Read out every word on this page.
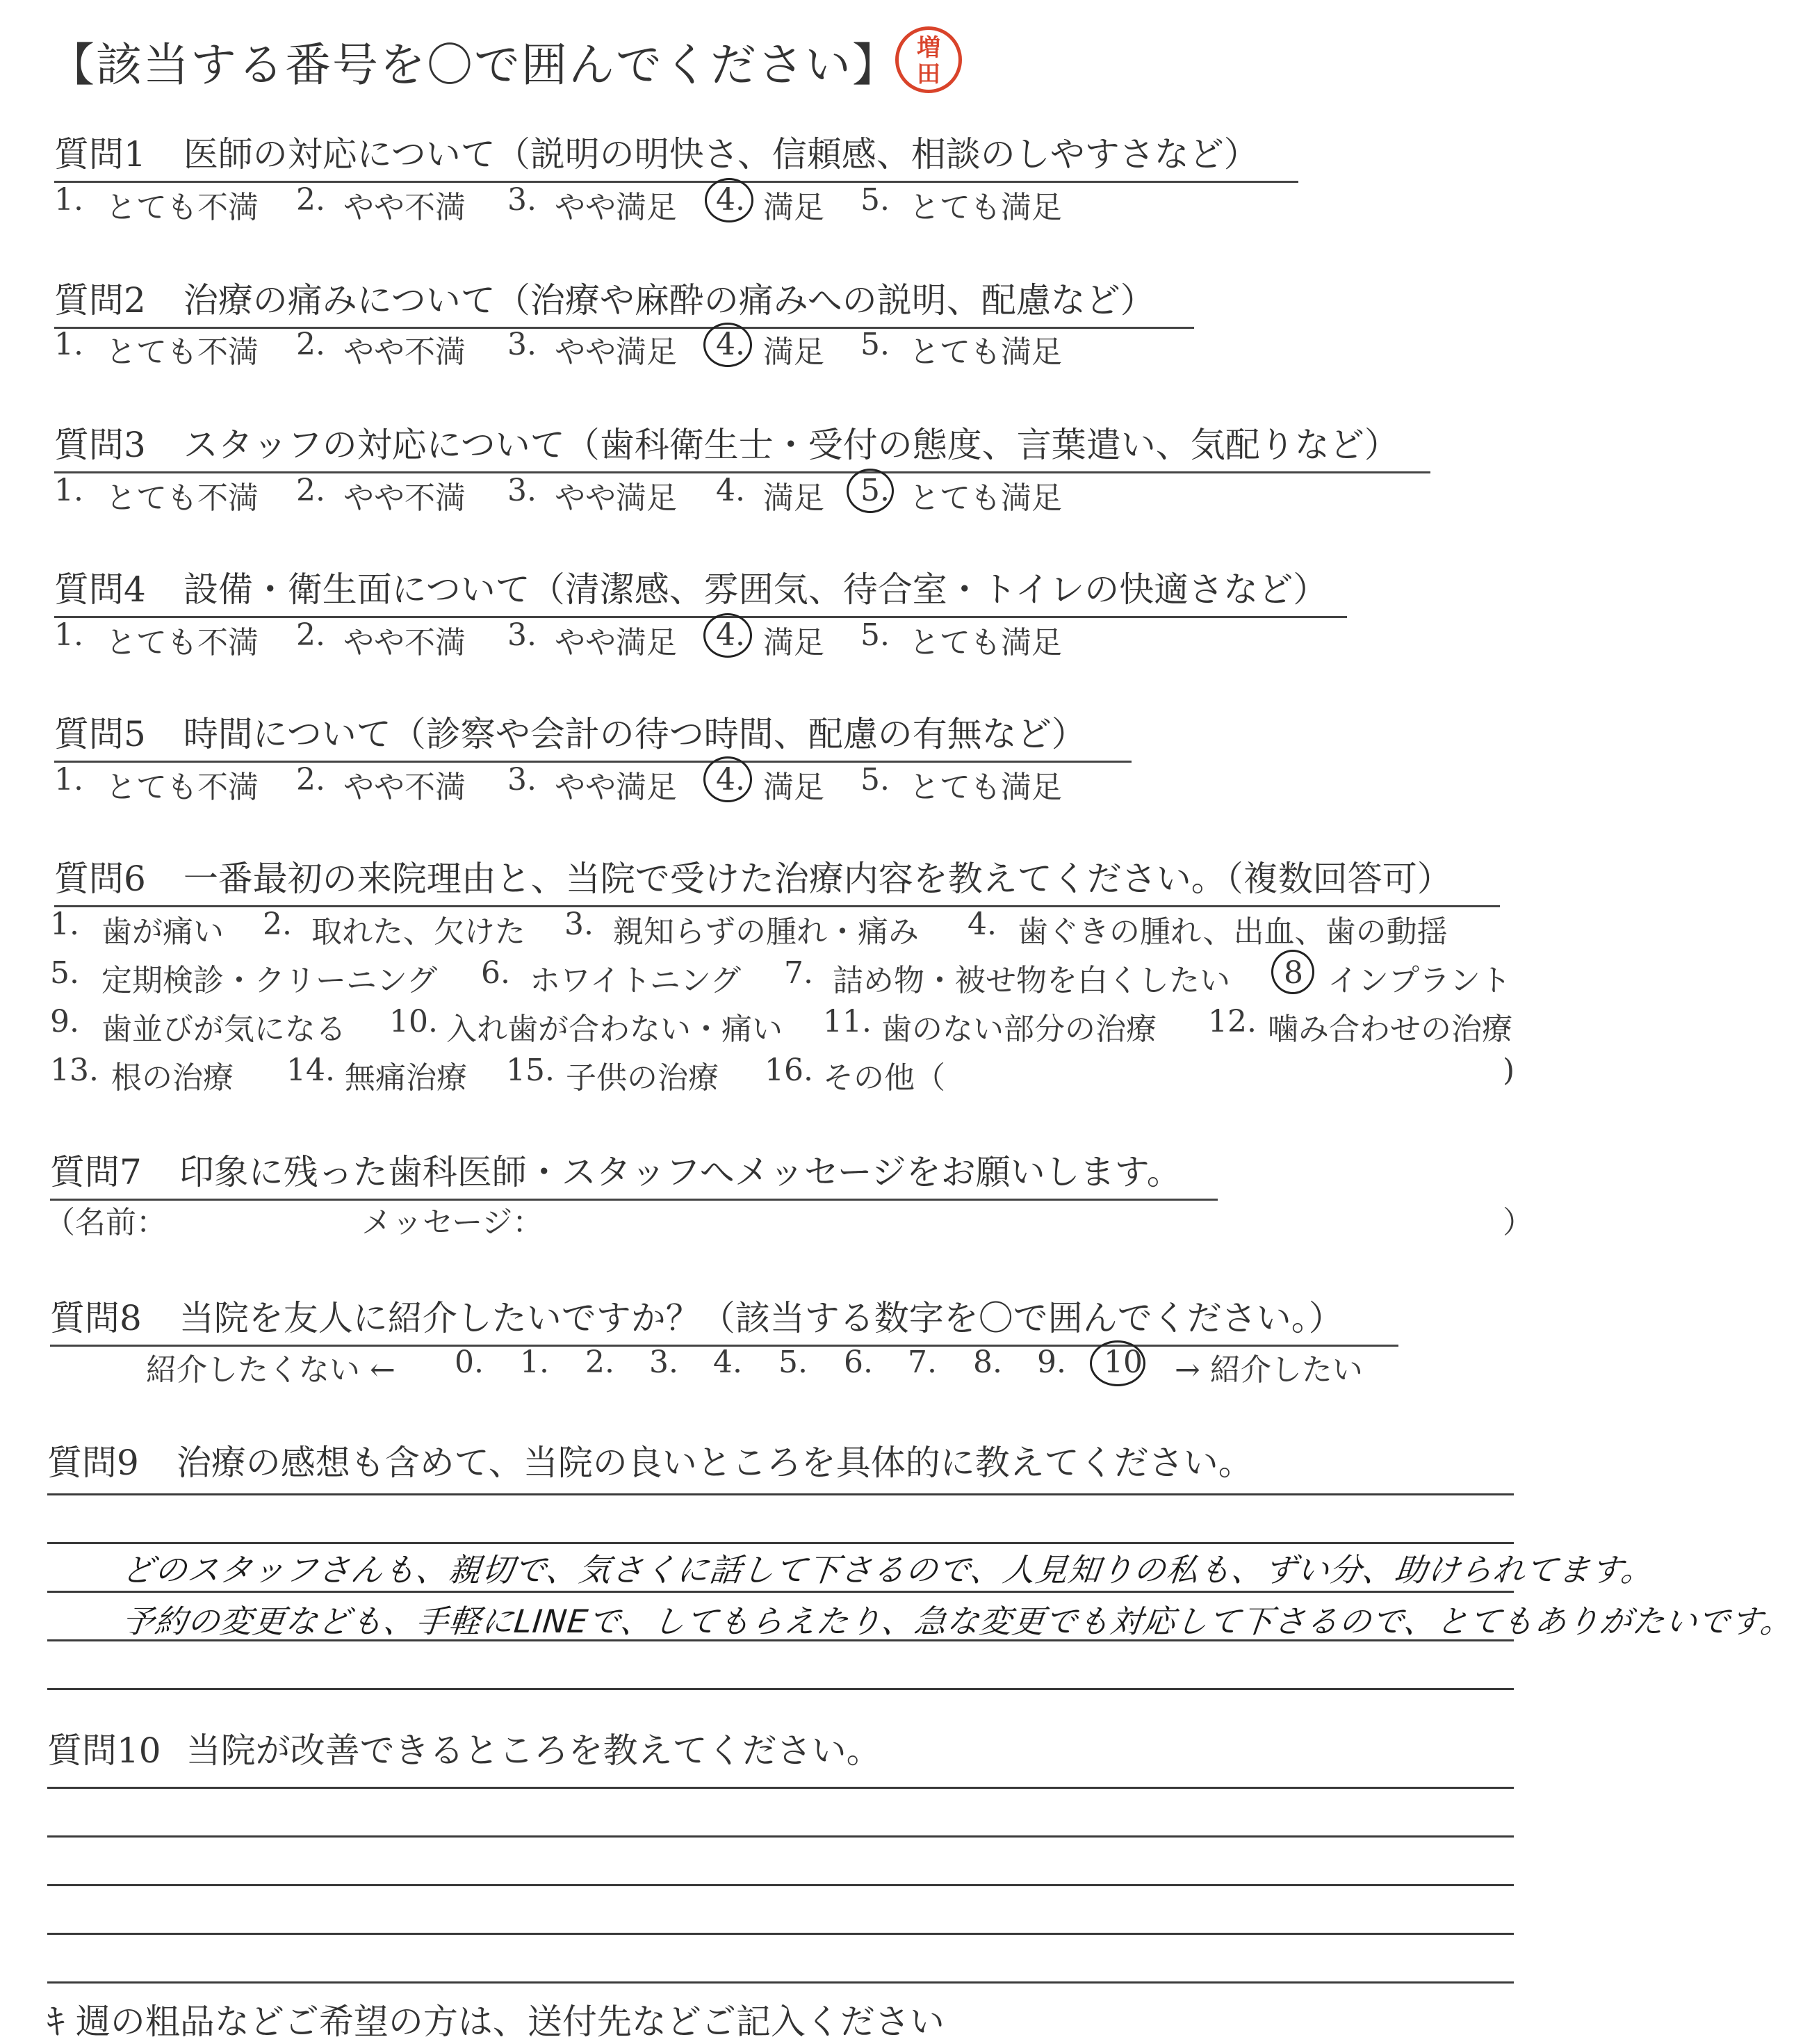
【該当する番号を〇で囲んでください】 増
田
質問1 医師の対応について（説明の明快さ、信頼感、相談のしやすさなど）
1. とても不満 2. やや不満 3. やや満足 4. 満足 5. とても満足
質問2 治療の痛みについて（治療や麻酔の痛みへの説明、配慮など）
1. とても不満 2. やや不満 3. やや満足 4. 満足 5. とても満足
質問3 スタッフの対応について（歯科衛生士・受付の態度、言葉遣い、気配りなど）
1. とても不満 2. やや不満 3. やや満足 4. 満足 5. とても満足
質問4 設備・衛生面について（清潔感、雰囲気、待合室・トイレの快適さなど）
1. とても不満 2. やや不満 3. やや満足 4. 満足 5. とても満足
質問5 時間について（診察や会計の待つ時間、配慮の有無など）
1. とても不満 2. やや不満 3. やや満足 4. 満足 5. とても満足
質問6 一番最初の来院理由と、当院で受けた治療内容を教えてください。（複数回答可）
1. 歯が痛い 2. 取れた、欠けた 3. 親知らずの腫れ・痛み 4. 歯ぐきの腫れ、出血、歯の動揺
5. 定期検診・クリーニング 6. ホワイトニング 7. 詰め物・被せ物を白くしたい 8 インプラント
9. 歯並びが気になる 10. 入れ歯が合わない・痛い 11. 歯のない部分の治療 12. 噛み合わせの治療
13. 根の治療 14. 無痛治療 15. 子供の治療 16. その他（	)
質問7 印象に残った歯科医師・スタッフへメッセージをお願いします。
（名前：	メッセージ：	）
質問8 当院を友人に紹介したいですか？（該当する数字を〇で囲んでください。）
紹介したくない ← 0. 1. 2. 3. 4. 5. 6. 7. 8. 9. 10 → 紹介したい
質問9 治療の感想も含めて、当院の良いところを具体的に教えてください。
どのスタッフさんも、親切で、気さくに話して下さるので、人見知りの私も、ずい分、助けられてます。
予約の変更なども、手軽にLINEで、してもらえたり、急な変更でも対応して下さるので、とてもありがたいです。
質問10 当院が改善できるところを教えてください。
ｷ 週の粗品などご希望の方は、送付先などご記入ください
